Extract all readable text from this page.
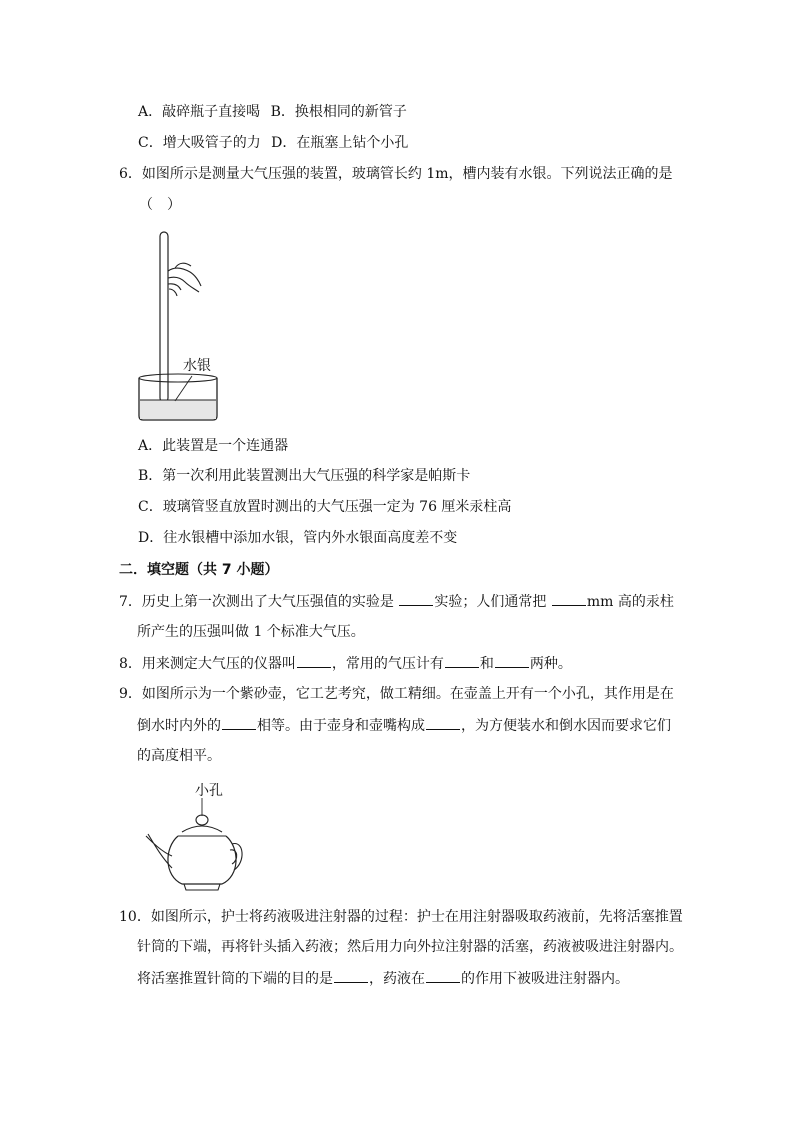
A．敲碎瓶子直接喝 B．换根相同的新管子
C．增大吸管子的力 D．在瓶塞上钻个小孔
6．如图所示是测量大气压强的装置，玻璃管长约 1m，槽内装有水银。下列说法正确的是
（　）
水银
A．此装置是一个连通器
B．第一次利用此装置测出大气压强的科学家是帕斯卡
C．玻璃管竖直放置时测出的大气压强一定为 76 厘米汞柱高
D．往水银槽中添加水银，管内外水银面高度差不变
二．填空题（共 7 小题）
7．历史上第一次测出了大气压强值的实验是	实验；人们通常把	mm 高的汞柱
所产生的压强叫做 1 个标准大气压。
8．用来测定大气压的仪器叫	，常用的气压计有	和	两种。
9．如图所示为一个紫砂壶，它工艺考究，做工精细。在壶盖上开有一个小孔，其作用是在
倒水时内外的	相等。由于壶身和壶嘴构成	，为方便装水和倒水因而要求它们
的高度相平。
小孔
10．如图所示，护士将药液吸进注射器的过程：护士在用注射器吸取药液前，先将活塞推置
针筒的下端，再将针头插入药液；然后用力向外拉注射器的活塞，药液被吸进注射器内。
将活塞推置针筒的下端的目的是	，药液在	的作用下被吸进注射器内。
